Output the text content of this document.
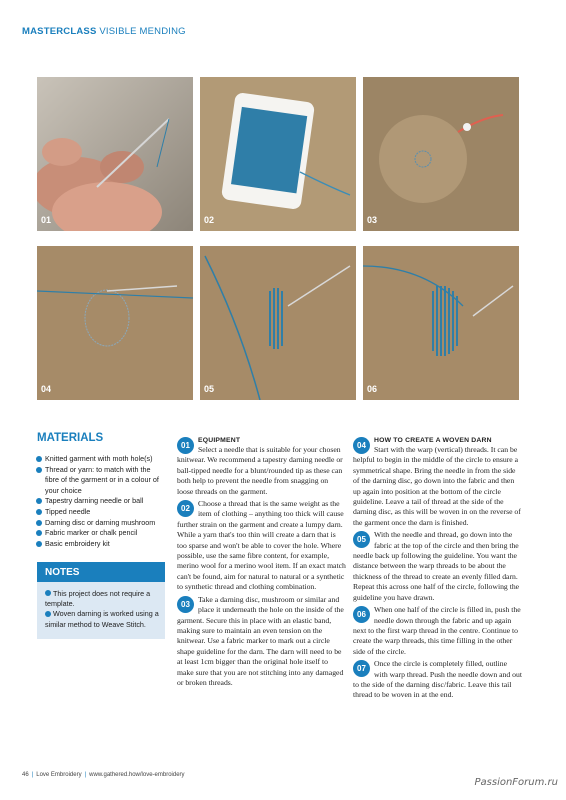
MASTERCLASS VISIBLE MENDING
01	02	03
04	05	06
MATERIALS
Knitted garment with moth hole(s)
Thread or yarn: to match with the fibre of the garment or in a colour of your choice
Tapestry darning needle or ball
Tipped needle
Darning disc or darning mushroom
Fabric marker or chalk pencil
Basic embroidery kit
NOTES

This project does not require a template.

Woven darning is worked using a similar method to Weave Stitch.

01
EQUIPMENT
Select a needle that is suitable for your chosen knitwear. We recommend a tapestry darning needle or ball-tipped needle for a blunt/rounded tip as these can both help to prevent the needle from snagging on loose threads on the garment.
02
Choose a thread that is the same weight as the item of clothing – anything too thick will cause further strain on the garment and create a lumpy darn. While a yarn that's too thin will create a darn that is too sparse and won't be able to cover the hole. Where possible, use the same fibre content, for example, merino wool for a merino wool item. If an exact match can't be found, aim for natural to natural or a synthetic to synthetic thread and clothing combination.
03
Take a darning disc, mushroom or similar and place it underneath the hole on the inside of the garment. Secure this in place with an elastic band, making sure to maintain an even tension on the knitwear. Use a fabric marker to mark out a circle shape guideline for the darn. The darn will need to be at least 1cm bigger than the original hole itself to make sure that you are not stitching into any damaged or broken threads.
04
HOW TO CREATE A WOVEN DARN
Start with the warp (vertical) threads. It can be helpful to begin in the middle of the circle to ensure a symmetrical shape. Bring the needle in from the side of the darning disc, go down into the fabric and then up again into position at the bottom of the circle guideline. Leave a tail of thread at the side of the darning disc, as this will be woven in on the reverse of the garment once the darn is finished.
05
With the needle and thread, go down into the fabric at the top of the circle and then bring the needle back up following the guideline. You want the distance between the warp threads to be about the thickness of the thread to create an evenly filled darn. Repeat this across one half of the circle, following the guideline you have drawn.
06
When one half of the circle is filled in, push the needle down through the fabric and up again next to the first warp thread in the centre. Continue to create the warp threads, this time filling in the other side of the circle.
07
Once the circle is completely filled, outline with warp thread. Push the needle down and out to the side of the darning disc/fabric. Leave this tail thread to be woven in at the end.
46 | Love Embroidery | www.gathered.how/love-embroidery
PassionForum.ru
